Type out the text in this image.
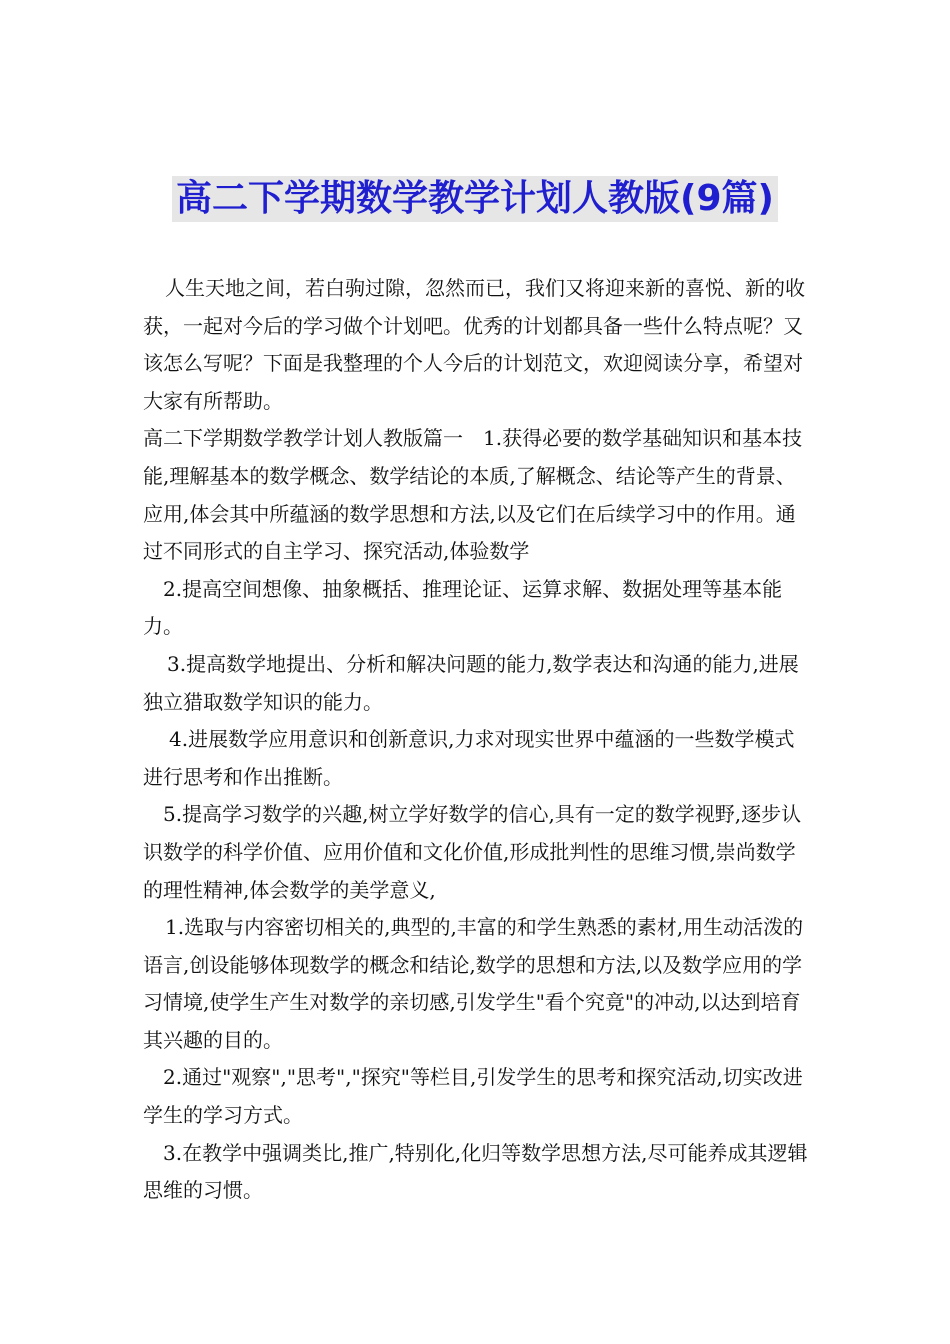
高二下学期数学教学计划人教版(9篇)

人生天地之间，若白驹过隙，忽然而已，我们又将迎来新的喜悦、新的收获，一起对今后的学习做个计划吧。优秀的计划都具备一些什么特点呢？又该怎么写呢？下面是我整理的个人今后的计划范文，欢迎阅读分享，希望对大家有所帮助。

高二下学期数学教学计划人教版篇一　1.获得必要的数学基础知识和基本技能,理解基本的数学概念、数学结论的本质,了解概念、结论等产生的背景、应用,体会其中所蕴涵的数学思想和方法,以及它们在后续学习中的作用。通过不同形式的自主学习、探究活动,体验数学

2.提高空间想像、抽象概括、推理论证、运算求解、数据处理等基本能力。

3.提高数学地提出、分析和解决问题的能力,数学表达和沟通的能力,进展独立猎取数学知识的能力。

4.进展数学应用意识和创新意识,力求对现实世界中蕴涵的一些数学模式进行思考和作出推断。

5.提高学习数学的兴趣,树立学好数学的信心,具有一定的数学视野,逐步认识数学的科学价值、应用价值和文化价值,形成批判性的思维习惯,崇尚数学的理性精神,体会数学的美学意义,

1.选取与内容密切相关的,典型的,丰富的和学生熟悉的素材,用生动活泼的语言,创设能够体现数学的概念和结论,数学的思想和方法,以及数学应用的学习情境,使学生产生对数学的亲切感,引发学生"看个究竟"的冲动,以达到培育其兴趣的目的。

2.通过"观察","思考","探究"等栏目,引发学生的思考和探究活动,切实改进学生的学习方式。

3.在教学中强调类比,推广,特别化,化归等数学思想方法,尽可能养成其逻辑思维的习惯。
